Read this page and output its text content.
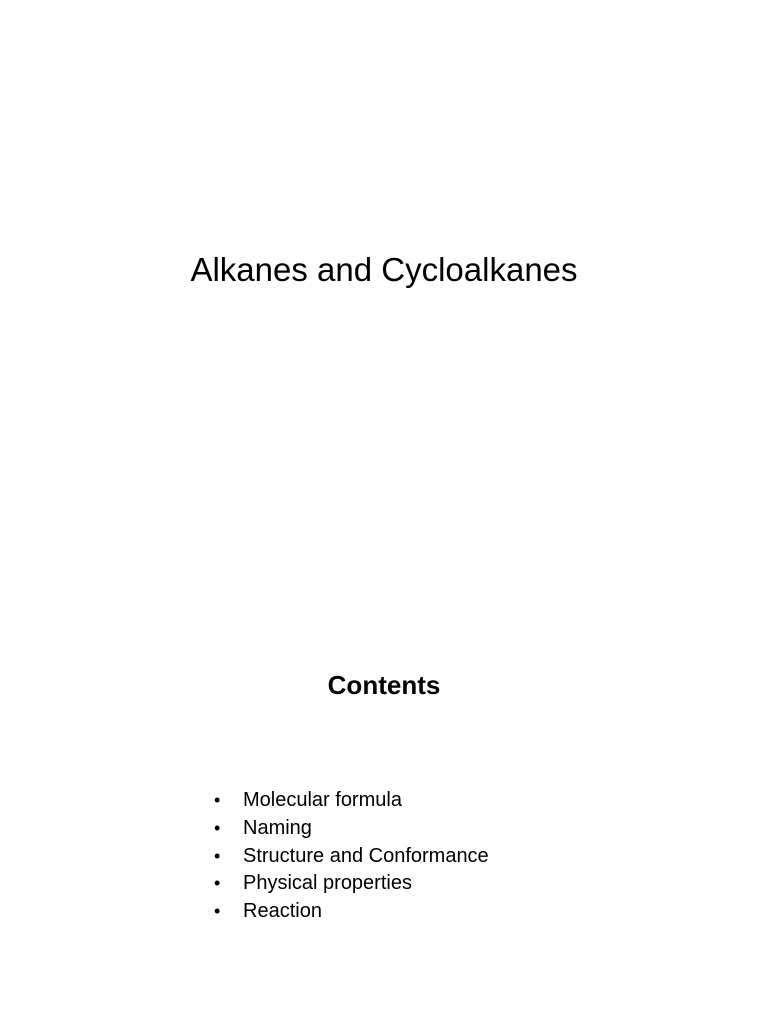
Alkanes and Cycloalkanes
Contents
• Molecular formula
• Naming
• Structure and Conformance
• Physical properties
• Reaction
